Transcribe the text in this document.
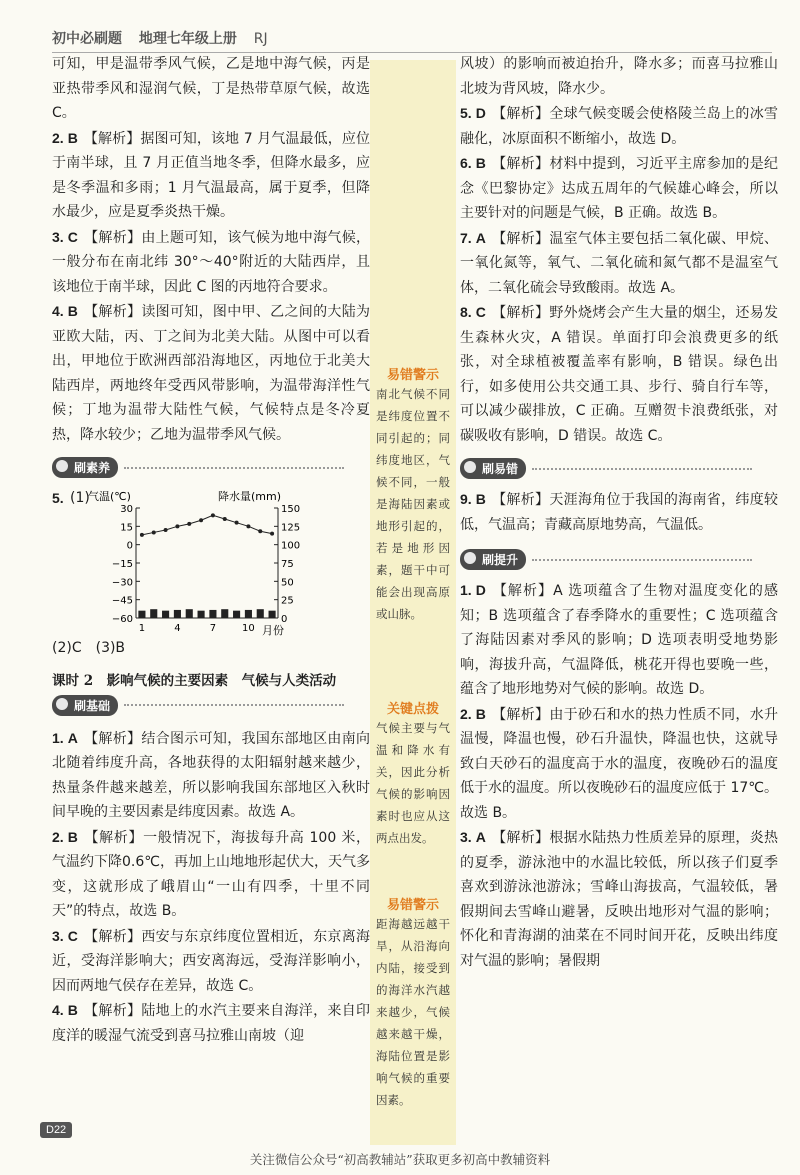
初中必刷题 地理七年级上册 RJ

可知，甲是温带季风气候，乙是地中海气候，丙是亚热带季风和湿润气候，丁是热带草原气候，故选 C。

2. B 【解析】据图可知，该地 7 月气温最低，应位于南半球，且 7 月正值当地冬季，但降水最多，应是冬季温和多雨；1 月气温最高，属于夏季，但降水最少，应是夏季炎热干燥。

3. C 【解析】由上题可知，该气候为地中海气候，一般分布在南北纬 30°～40°附近的大陆西岸，且该地位于南半球，因此 C 图的丙地符合要求。

4. B 【解析】读图可知，图中甲、乙之间的大陆为亚欧大陆，丙、丁之间为北美大陆。从图中可以看出，甲地位于欧洲西部沿海地区，丙地位于北美大陆西岸，两地终年受西风带影响，为温带海洋性气候；丁地为温带大陆性气候，气候特点是冬冷夏热，降水较少；乙地为温带季风气候。

刷素养
5. (1)
气温(℃)	降水量(mm)
30
15
0
−15
−30
−45
−60
150
125
100
75
50
25
0
1	4	7	10 月份

(2)C　(3)B

课时 2　影响气候的主要因素　气候与人类活动
刷基础

1. A 【解析】结合图示可知，我国东部地区由南向北随着纬度升高，各地获得的太阳辐射越来越少，热量条件越来越差，所以影响我国东部地区入秋时间早晚的主要因素是纬度因素。故选 A。

2. B 【解析】一般情况下，海拔每升高 100 米，气温约下降0.6℃，再加上山地地形起伏大，天气多变，这就形成了峨眉山“一山有四季，十里不同天”的特点，故选 B。

3. C 【解析】西安与东京纬度位置相近，东京离海近，受海洋影响大；西安离海远，受海洋影响小，因而两地气侯存在差异，故选 C。

4. B 【解析】陆地上的水汽主要来自海洋，来自印度洋的暖湿气流受到喜马拉雅山南坡（迎

易错警示
南北气候不同是纬度位置不同引起的；同纬度地区，气候不同，一般是海陆因素或地形引起的，若是地形因素，题干中可能会出现高原或山脉。
关键点拨
气候主要与气温和降水有关，因此分析气候的影响因素时也应从这两点出发。
易错警示
距海越远越干旱，从沿海向内陆，接受到的海洋水汽越来越少，气候越来越干燥，海陆位置是影响气候的重要因素。

风坡）的影响而被迫抬升，降水多；而喜马拉雅山北坡为背风坡，降水少。

5. D 【解析】全球气候变暖会使格陵兰岛上的冰雪融化，冰原面积不断缩小，故选 D。

6. B 【解析】材料中提到，习近平主席参加的是纪念《巴黎协定》达成五周年的气候雄心峰会，所以主要针对的问题是气候，B 正确。故选 B。

7. A 【解析】温室气体主要包括二氧化碳、甲烷、一氧化氮等，氧气、二氧化硫和氮气都不是温室气体，二氧化硫会导致酸雨。故选 A。

8. C 【解析】野外烧烤会产生大量的烟尘，还易发生森林火灾，A 错误。单面打印会浪费更多的纸张，对全球植被覆盖率有影响，B 错误。绿色出行，如多使用公共交通工具、步行、骑自行车等，可以减少碳排放，C 正确。互赠贺卡浪费纸张，对碳吸收有影响，D 错误。故选 C。

刷易错

9. B 【解析】天涯海角位于我国的海南省，纬度较低，气温高；青藏高原地势高，气温低。

刷提升

1. D 【解析】A 选项蕴含了生物对温度变化的感知；B 选项蕴含了春季降水的重要性；C 选项蕴含了海陆因素对季风的影响；D 选项表明受地势影响，海拔升高，气温降低，桃花开得也要晚一些，蕴含了地形地势对气候的影响。故选 D。

2. B 【解析】由于砂石和水的热力性质不同，水升温慢，降温也慢，砂石升温快，降温也快，这就导致白天砂石的温度高于水的温度，夜晚砂石的温度低于水的温度。所以夜晚砂石的温度应低于 17℃。故选 B。

3. A 【解析】根据水陆热力性质差异的原理，炎热的夏季，游泳池中的水温比较低，所以孩子们夏季喜欢到游泳池游泳；雪峰山海拔高，气温较低，暑假期间去雪峰山避暑，反映出地形对气温的影响；怀化和青海湖的油菜在不同时间开花，反映出纬度对气温的影响；暑假期

D22
关注微信公众号“初高教辅站”获取更多初高中教辅资料
